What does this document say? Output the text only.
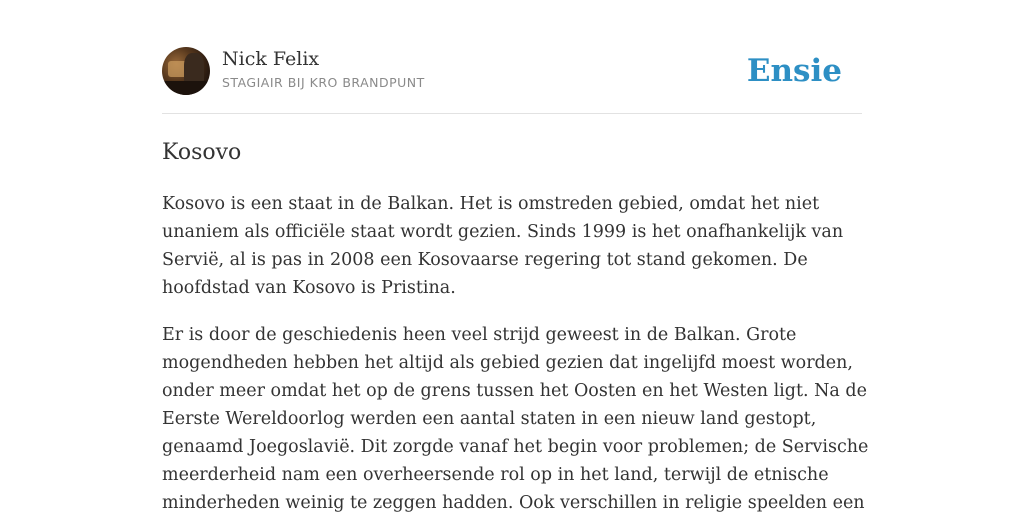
Nick Felix
STAGIAIR BIJ KRO BRANDPUNT	Ensie
Kosovo

Kosovo is een staat in de Balkan. Het is omstreden gebied, omdat het niet
unaniem als officiële staat wordt gezien. Sinds 1999 is het onafhankelijk van
Servië, al is pas in 2008 een Kosovaarse regering tot stand gekomen. De
hoofdstad van Kosovo is Pristina.

Er is door de geschiedenis heen veel strijd geweest in de Balkan. Grote
mogendheden hebben het altijd als gebied gezien dat ingelijfd moest worden,
onder meer omdat het op de grens tussen het Oosten en het Westen ligt. Na de
Eerste Wereldoorlog werden een aantal staten in een nieuw land gestopt,
genaamd Joegoslavië. Dit zorgde vanaf het begin voor problemen; de Servische
meerderheid nam een overheersende rol op in het land, terwijl de etnische
minderheden weinig te zeggen hadden. Ook verschillen in religie speelden een
